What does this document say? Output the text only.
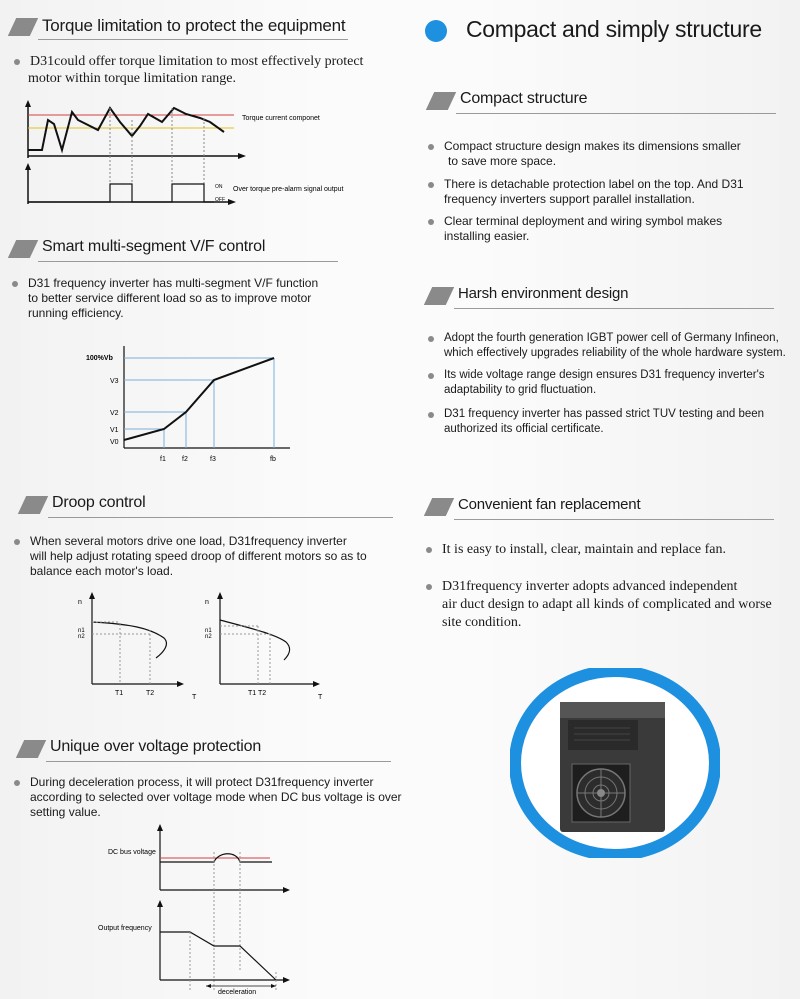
Torque limitation to protect the equipment
D31could offer torque limitation to most effectively protect
motor within torque limitation range.
Torque current componet
ON
OFF
Over torque pre-alarm signal output
Smart multi-segment V/F control
D31 frequency inverter has multi-segment V/F function
to better service different load so as to improve motor
running efficiency.
100%Vb
V3
V2
V1
V0
f1 f2	f3	fb
Droop control
When several motors drive one load, D31frequency inverter
will help adjust rotating speed droop of different motors so as to
balance each motor's load.
n
n1
n2
T1	T2
T
n
n1
n2
T1 T2
T
Unique over voltage protection
During deceleration process, it will protect D31frequency inverter
according to selected over voltage mode when DC bus voltage is over
setting value.
DC bus voltage
Output frequency
deceleration
Compact and simply structure
Compact structure
Compact structure design makes its dimensions smaller
to save more space.
There is detachable protection label on the top. And D31
frequency inverters support parallel installation.
Clear terminal deployment and wiring symbol makes
installing easier.
Harsh environment design
Adopt the fourth generation IGBT power cell of Germany Infineon,
which effectively upgrades reliability of the whole hardware system.
Its wide voltage range design ensures D31 frequency inverter's
adaptability to grid fluctuation.
D31 frequency inverter has passed strict TUV testing and been
authorized its official certificate.
Convenient fan replacement
It is easy to install, clear, maintain and replace fan.
D31frequency inverter adopts advanced independent
air duct design to adapt all kinds of complicated and worse
site condition.
